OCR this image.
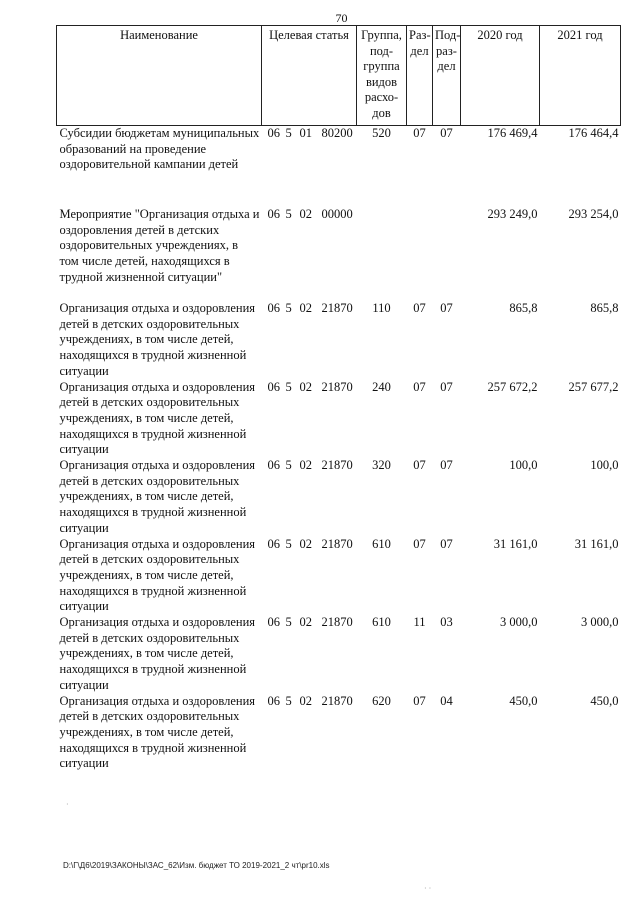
70
Наименование	Целевая статья	Группа, под-группа видов расхо-дов	Раз-дел	Под-раз-дел	2020 год	2021 год
Субсидии бюджетам муниципальных образований на проведение оздоровительной кампании детей	06 5 01 80200	520	07	07	176 469,4	176 464,4
Мероприятие "Организация отдыха и оздоровления детей в детских оздоровительных учреждениях, в том числе детей, находящихся в трудной жизненной ситуации"	06 5 02 00000				293 249,0	293 254,0
Организация отдыха и оздоровления детей в детских оздоровительных учреждениях, в том числе детей, находящихся в трудной жизненной ситуации	06 5 02 21870	110	07	07	865,8	865,8
Организация отдыха и оздоровления детей в детских оздоровительных учреждениях, в том числе детей, находящихся в трудной жизненной ситуации	06 5 02 21870	240	07	07	257 672,2	257 677,2
Организация отдыха и оздоровления детей в детских оздоровительных учреждениях, в том числе детей, находящихся в трудной жизненной ситуации	06 5 02 21870	320	07	07	100,0	100,0
Организация отдыха и оздоровления детей в детских оздоровительных учреждениях, в том числе детей, находящихся в трудной жизненной ситуации	06 5 02 21870	610	07	07	31 161,0	31 161,0
Организация отдыха и оздоровления детей в детских оздоровительных учреждениях, в том числе детей, находящихся в трудной жизненной ситуации	06 5 02 21870	610	11	03	3 000,0	3 000,0
Организация отдыха и оздоровления детей в детских оздоровительных учреждениях, в том числе детей, находящихся в трудной жизненной ситуации	06 5 02 21870	620	07	04	450,0	450,0
D:\Г\Д6\2019\ЗАКОНЫ\ЗАС_62\Изм. бюджет ТО 2019-2021_2 чт\pr10.xls
·
· ·
